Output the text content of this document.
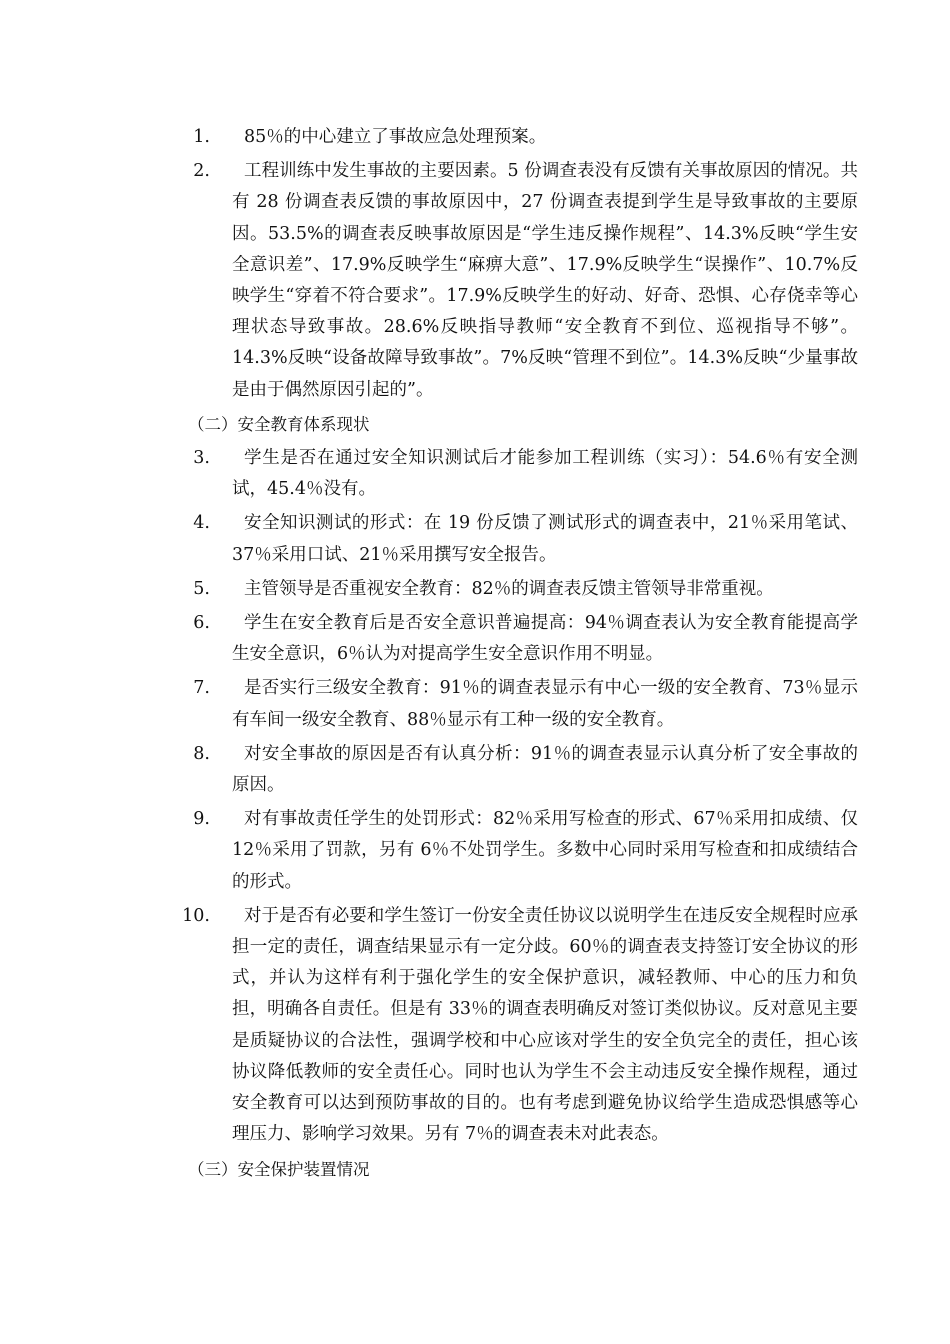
1.	85％的中心建立了事故应急处理预案。
2.	工程训练中发生事故的主要因素。5 份调查表没有反馈有关事故原因的情况。共有 28 份调查表反馈的事故原因中，27 份调查表提到学生是导致事故的主要原因。53.5%的调查表反映事故原因是“学生违反操作规程”、14.3%反映“学生安全意识差”、17.9%反映学生“麻痹大意”、17.9%反映学生“误操作”、10.7%反映学生“穿着不符合要求”。17.9%反映学生的好动、好奇、恐惧、心存侥幸等心理状态导致事故。28.6%反映指导教师“安全教育不到位、巡视指导不够”。14.3%反映“设备故障导致事故”。7%反映“管理不到位”。14.3%反映“少量事故是由于偶然原因引起的”。
（二）安全教育体系现状
3.	学生是否在通过安全知识测试后才能参加工程训练（实习）：54.6％有安全测试，45.4％没有。
4.	安全知识测试的形式：在 19 份反馈了测试形式的调查表中，21％采用笔试、37％采用口试、21％采用撰写安全报告。
5.	主管领导是否重视安全教育：82％的调查表反馈主管领导非常重视。
6.	学生在安全教育后是否安全意识普遍提高：94％调查表认为安全教育能提高学生安全意识，6％认为对提高学生安全意识作用不明显。
7.	是否实行三级安全教育：91％的调查表显示有中心一级的安全教育、73％显示有车间一级安全教育、88％显示有工种一级的安全教育。
8.	对安全事故的原因是否有认真分析：91％的调查表显示认真分析了安全事故的原因。
9.	对有事故责任学生的处罚形式：82％采用写检查的形式、67％采用扣成绩、仅 12％采用了罚款，另有 6％不处罚学生。多数中心同时采用写检查和扣成绩结合的形式。
10.	对于是否有必要和学生签订一份安全责任协议以说明学生在违反安全规程时应承担一定的责任，调查结果显示有一定分歧。60％的调查表支持签订安全协议的形式，并认为这样有利于强化学生的安全保护意识，减轻教师、中心的压力和负担，明确各自责任。但是有 33％的调查表明确反对签订类似协议。反对意见主要是质疑协议的合法性，强调学校和中心应该对学生的安全负完全的责任，担心该协议降低教师的安全责任心。同时也认为学生不会主动违反安全操作规程，通过安全教育可以达到预防事故的目的。也有考虑到避免协议给学生造成恐惧感等心理压力、影响学习效果。另有 7％的调查表未对此表态。
（三）安全保护装置情况
